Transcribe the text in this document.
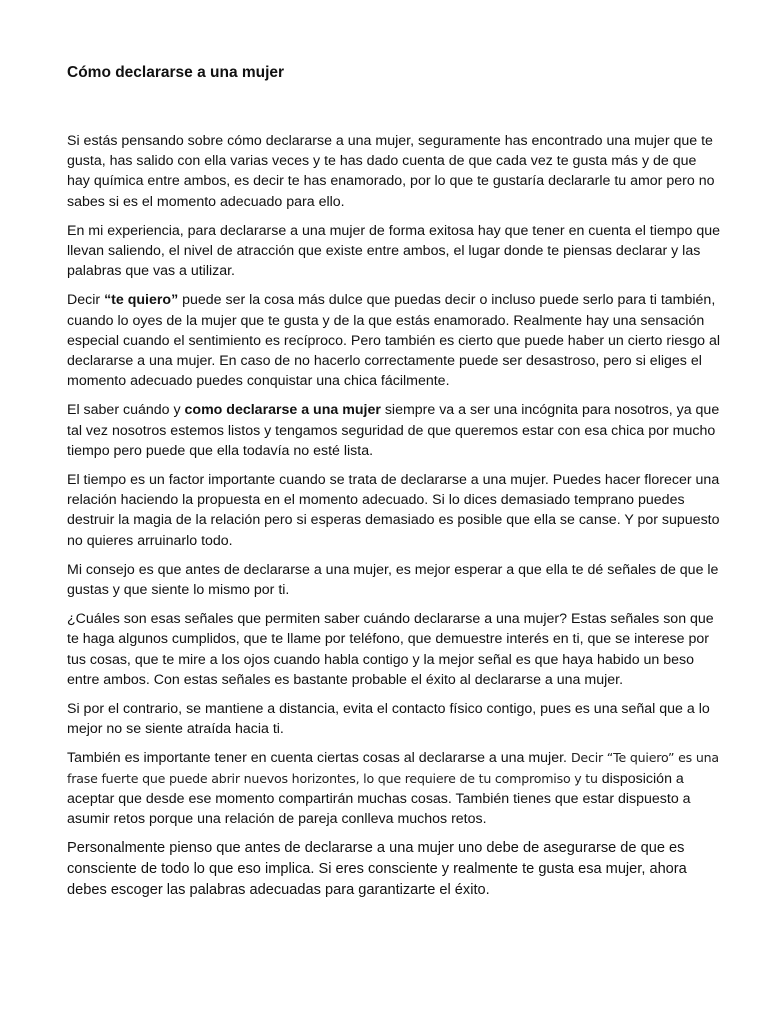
Cómo declararse a una mujer

Si estás pensando sobre cómo declararse a una mujer, seguramente has encontrado una mujer que te gusta, has salido con ella varias veces y te has dado cuenta de que cada vez te gusta más y de que hay química entre ambos, es decir te has enamorado, por lo que te gustaría declararle tu amor pero no sabes si es el momento adecuado para ello.

En mi experiencia, para declararse a una mujer de forma exitosa hay que tener en cuenta el tiempo que llevan saliendo, el nivel de atracción que existe entre ambos, el lugar donde te piensas declarar y las palabras que vas a utilizar.

Decir “te quiero” puede ser la cosa más dulce que puedas decir o incluso puede serlo para ti también, cuando lo oyes de la mujer que te gusta y de la que estás enamorado. Realmente hay una sensación especial cuando el sentimiento es recíproco. Pero también es cierto que puede haber un cierto riesgo al declararse a una mujer. En caso de no hacerlo correctamente puede ser desastroso, pero si eliges el momento adecuado puedes conquistar una chica fácilmente.

El saber cuándo y como declararse a una mujer siempre va a ser una incógnita para nosotros, ya que tal vez nosotros estemos listos y tengamos seguridad de que queremos estar con esa chica por mucho tiempo pero puede que ella todavía no esté lista.

El tiempo es un factor importante cuando se trata de declararse a una mujer. Puedes hacer florecer una relación haciendo la propuesta en el momento adecuado. Si lo dices demasiado temprano puedes destruir la magia de la relación pero si esperas demasiado es posible que ella se canse. Y por supuesto no quieres arruinarlo todo.

Mi consejo es que antes de declararse a una mujer, es mejor esperar a que ella te dé señales de que le gustas y que siente lo mismo por ti.

¿Cuáles son esas señales que permiten saber cuándo declararse a una mujer? Estas señales son que te haga algunos cumplidos, que te llame por teléfono, que demuestre interés en ti, que se interese por tus cosas, que te mire a los ojos cuando habla contigo y la mejor señal es que haya habido un beso entre ambos. Con estas señales es bastante probable el éxito al declararse a una mujer.

Si por el contrario, se mantiene a distancia, evita el contacto físico contigo, pues es una señal que a lo mejor no se siente atraída hacia ti.

También es importante tener en cuenta ciertas cosas al declararse a una mujer. Decir “Te quiero” es una frase fuerte que puede abrir nuevos horizontes, lo que requiere de tu compromiso y tu disposición a aceptar que desde ese momento compartirán muchas cosas. También tienes que estar dispuesto a asumir retos porque una relación de pareja conlleva muchos retos.

Personalmente pienso que antes de declararse a una mujer uno debe de asegurarse de que es consciente de todo lo que eso implica. Si eres consciente y realmente te gusta esa mujer, ahora debes escoger las palabras adecuadas para garantizarte el éxito.
